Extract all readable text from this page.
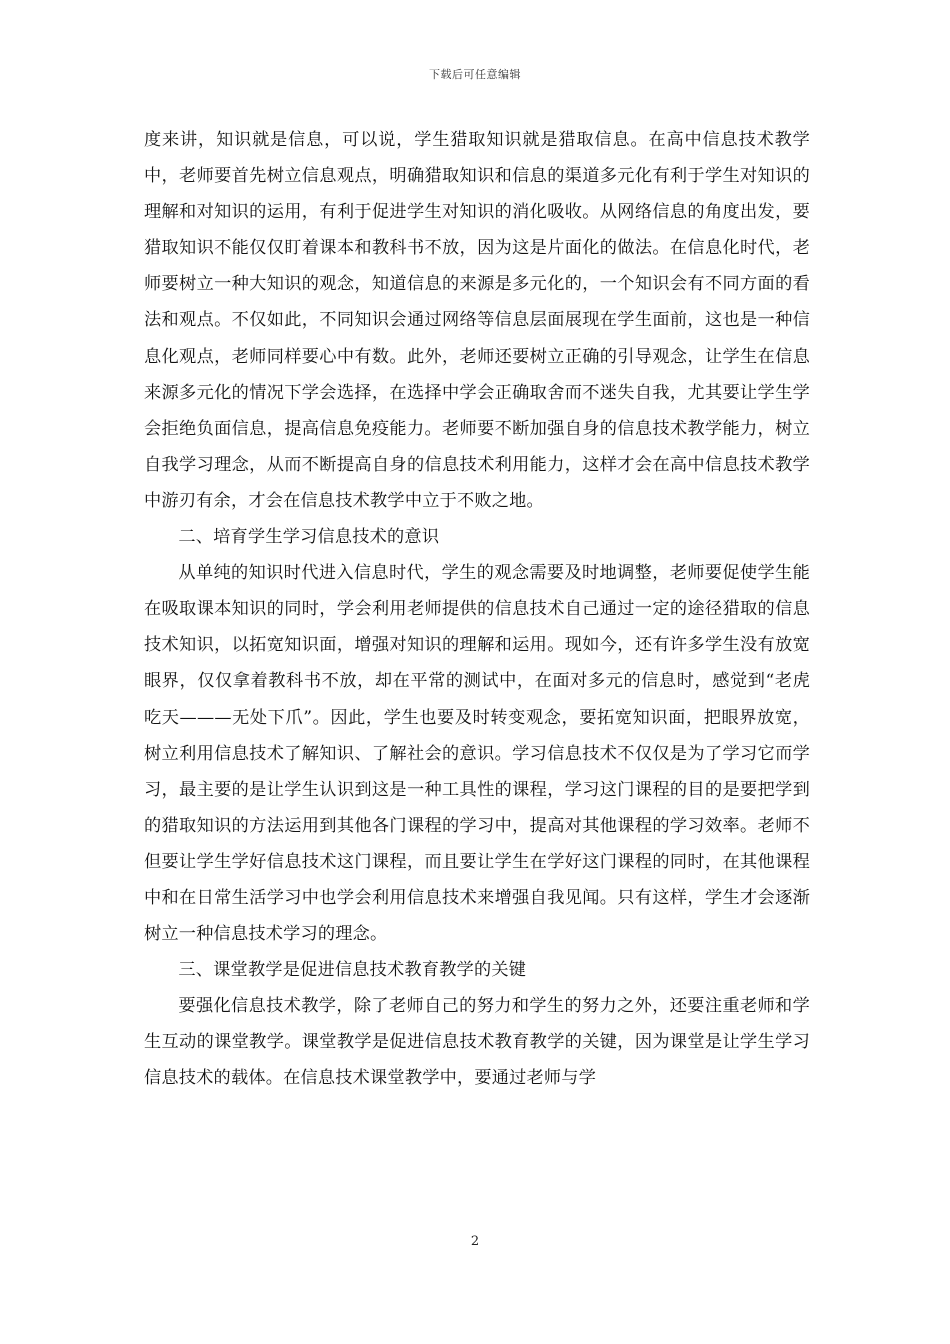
下载后可任意编辑

度来讲，知识就是信息，可以说，学生猎取知识就是猎取信息。在高中信息技术教学中，老师要首先树立信息观点，明确猎取知识和信息的渠道多元化有利于学生对知识的理解和对知识的运用，有利于促进学生对知识的消化吸收。从网络信息的角度出发，要猎取知识不能仅仅盯着课本和教科书不放，因为这是片面化的做法。在信息化时代，老师要树立一种大知识的观念，知道信息的来源是多元化的，一个知识会有不同方面的看法和观点。不仅如此，不同知识会通过网络等信息层面展现在学生面前，这也是一种信息化观点，老师同样要心中有数。此外，老师还要树立正确的引导观念，让学生在信息来源多元化的情况下学会选择，在选择中学会正确取舍而不迷失自我，尤其要让学生学会拒绝负面信息，提高信息免疫能力。老师要不断加强自身的信息技术教学能力，树立自我学习理念，从而不断提高自身的信息技术利用能力，这样才会在高中信息技术教学中游刃有余，才会在信息技术教学中立于不败之地。

二、培育学生学习信息技术的意识

从单纯的知识时代进入信息时代，学生的观念需要及时地调整，老师要促使学生能在吸取课本知识的同时，学会利用老师提供的信息技术自己通过一定的途径猎取的信息技术知识，以拓宽知识面，增强对知识的理解和运用。现如今，还有许多学生没有放宽眼界，仅仅拿着教科书不放，却在平常的测试中，在面对多元的信息时，感觉到“老虎吃天———无处下爪”。因此，学生也要及时转变观念，要拓宽知识面，把眼界放宽，树立利用信息技术了解知识、了解社会的意识。学习信息技术不仅仅是为了学习它而学习，最主要的是让学生认识到这是一种工具性的课程，学习这门课程的目的是要把学到的猎取知识的方法运用到其他各门课程的学习中，提高对其他课程的学习效率。老师不但要让学生学好信息技术这门课程，而且要让学生在学好这门课程的同时，在其他课程中和在日常生活学习中也学会利用信息技术来增强自我见闻。只有这样，学生才会逐渐树立一种信息技术学习的理念。

三、课堂教学是促进信息技术教育教学的关键

要强化信息技术教学，除了老师自己的努力和学生的努力之外，还要注重老师和学生互动的课堂教学。课堂教学是促进信息技术教育教学的关键，因为课堂是让学生学习信息技术的载体。在信息技术课堂教学中，要通过老师与学

2
